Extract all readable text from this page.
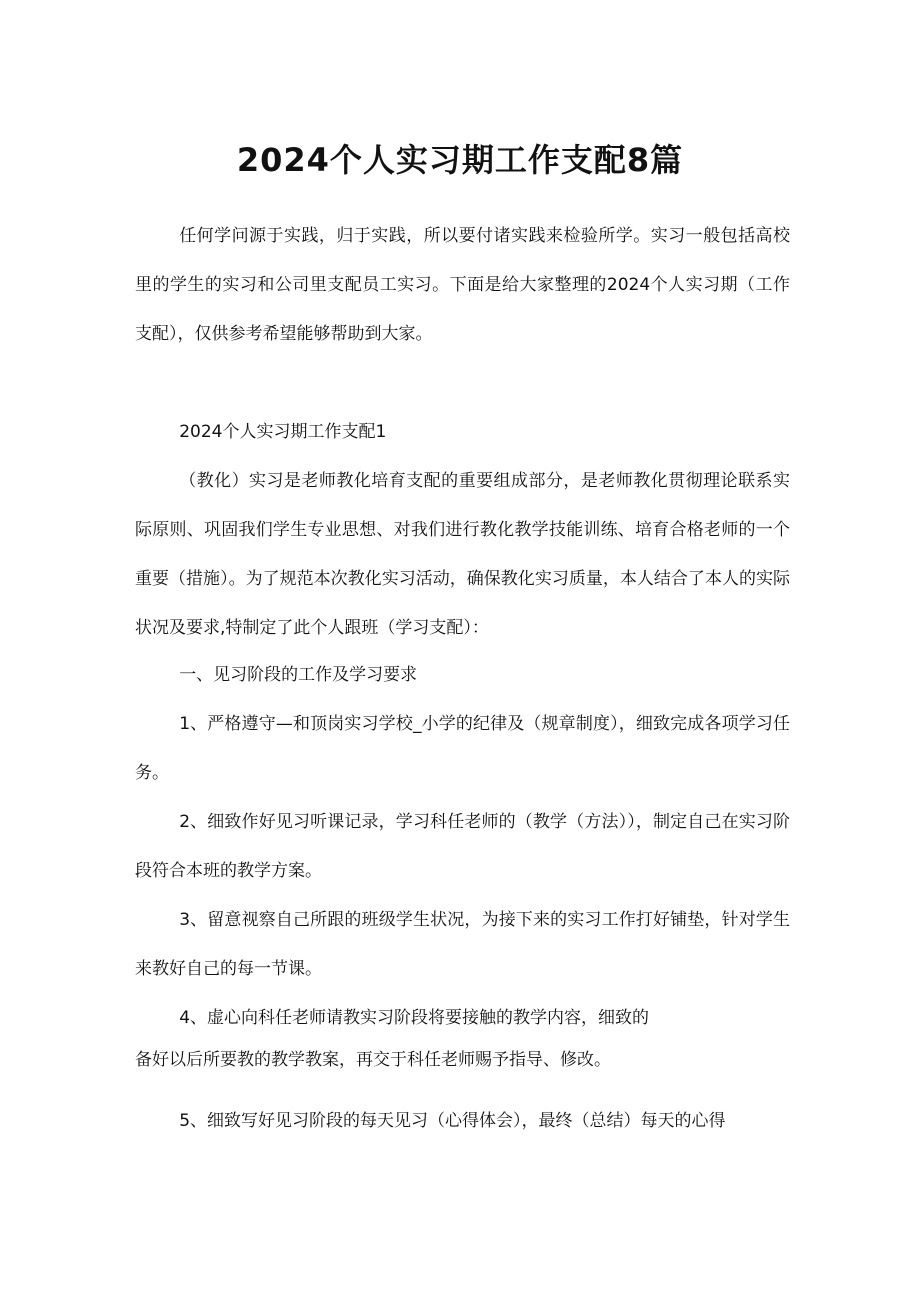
2024个人实习期工作支配8篇
任何学问源于实践，归于实践，所以要付诸实践来检验所学。实习一般包括高校里的学生的实习和公司里支配员工实习。下面是给大家整理的2024个人实习期（工作支配），仅供参考希望能够帮助到大家。
2024个人实习期工作支配1
（教化）实习是老师教化培育支配的重要组成部分，是老师教化贯彻理论联系实际原则、巩固我们学生专业思想、对我们进行教化教学技能训练、培育合格老师的一个重要（措施）。为了规范本次教化实习活动，确保教化实习质量，本人结合了本人的实际状况及要求,特制定了此个人跟班（学习支配）：
一、见习阶段的工作及学习要求
1、严格遵守—和顶岗实习学校_小学的纪律及（规章制度），细致完成各项学习任务。
2、细致作好见习听课记录，学习科任老师的（教学（方法）），制定自己在实习阶段符合本班的教学方案。
3、留意视察自己所跟的班级学生状况，为接下来的实习工作打好铺垫，针对学生来教好自己的每一节课。
4、虚心向科任老师请教实习阶段将要接触的教学内容，细致的
备好以后所要教的教学教案，再交于科任老师赐予指导、修改。
5、细致写好见习阶段的每天见习（心得体会），最终（总结）每天的心得
